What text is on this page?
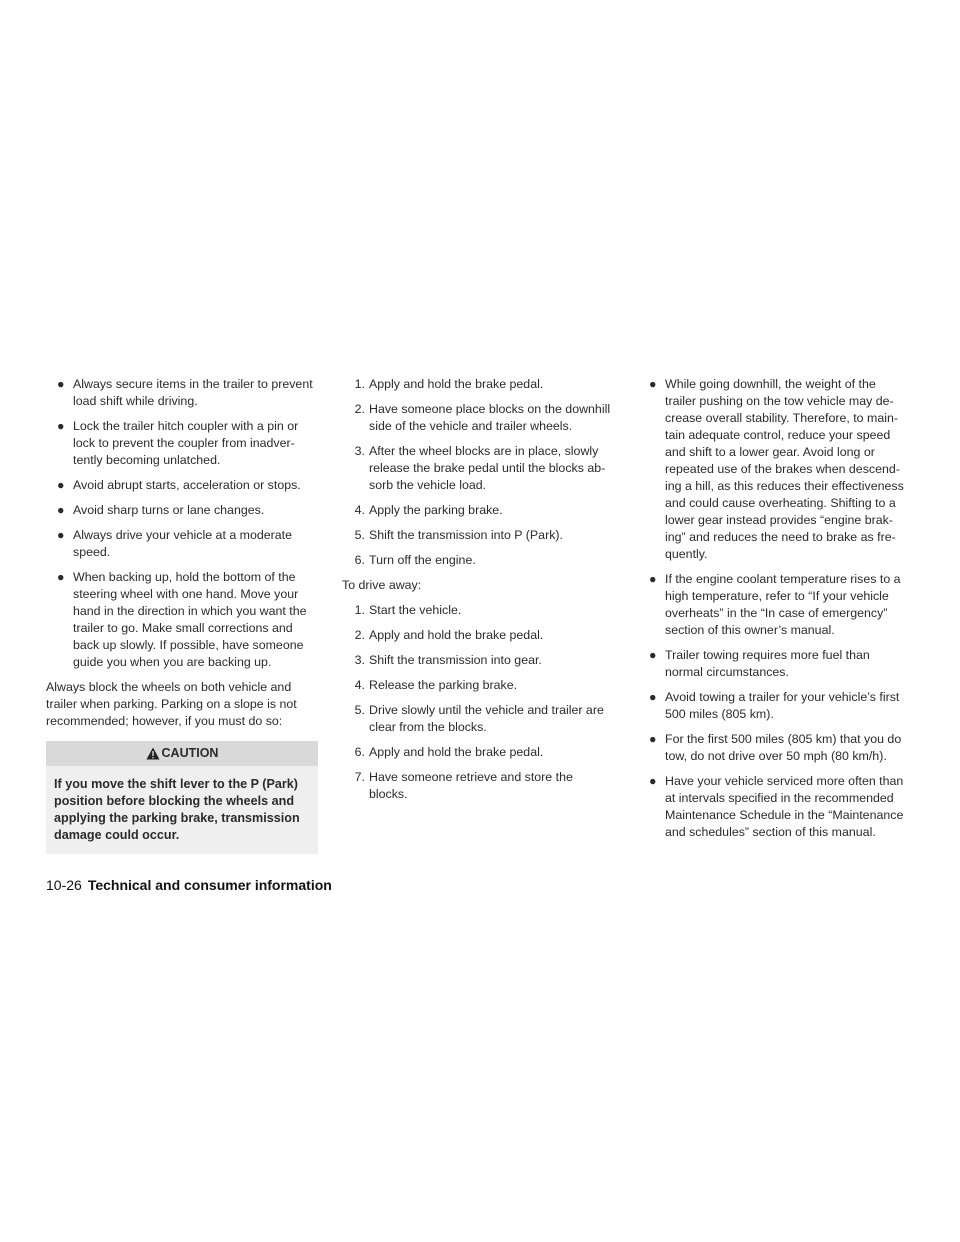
● Always secure items in the trailer to prevent load shift while driving.
● Lock the trailer hitch coupler with a pin or lock to prevent the coupler from inadver- tently becoming unlatched.
● Avoid abrupt starts, acceleration or stops.
● Avoid sharp turns or lane changes.
● Always drive your vehicle at a moderate speed.
● When backing up, hold the bottom of the steering wheel with one hand. Move your hand in the direction in which you want the trailer to go. Make small corrections and back up slowly. If possible, have someone guide you when you are backing up.

Always block the wheels on both vehicle and trailer when parking. Parking on a slope is not recommended; however, if you must do so:

CAUTION
If you move the shift lever to the P (Park) position before blocking the wheels and applying the parking brake, transmission damage could occur.
1. Apply and hold the brake pedal.
2. Have someone place blocks on the downhill side of the vehicle and trailer wheels.
3. After the wheel blocks are in place, slowly release the brake pedal until the blocks ab- sorb the vehicle load.
4. Apply the parking brake.
5. Shift the transmission into P (Park).
6. Turn off the engine.

To drive away:

1. Start the vehicle.
2. Apply and hold the brake pedal.
3. Shift the transmission into gear.
4. Release the parking brake.
5. Drive slowly until the vehicle and trailer are clear from the blocks.
6. Apply and hold the brake pedal.
7. Have someone retrieve and store the blocks.
● While going downhill, the weight of the trailer pushing on the tow vehicle may de- crease overall stability. Therefore, to main- tain adequate control, reduce your speed and shift to a lower gear. Avoid long or repeated use of the brakes when descend- ing a hill, as this reduces their effectiveness and could cause overheating. Shifting to a lower gear instead provides “engine brak- ing” and reduces the need to brake as fre- quently.
● If the engine coolant temperature rises to a high temperature, refer to “If your vehicle overheats” in the “In case of emergency” section of this owner’s manual.
● Trailer towing requires more fuel than normal circumstances.
● Avoid towing a trailer for your vehicle’s first 500 miles (805 km).
● For the first 500 miles (805 km) that you do tow, do not drive over 50 mph (80 km/h).
● Have your vehicle serviced more often than at intervals specified in the recommended Maintenance Schedule in the “Maintenance and schedules” section of this manual.
10-26 Technical and consumer information
